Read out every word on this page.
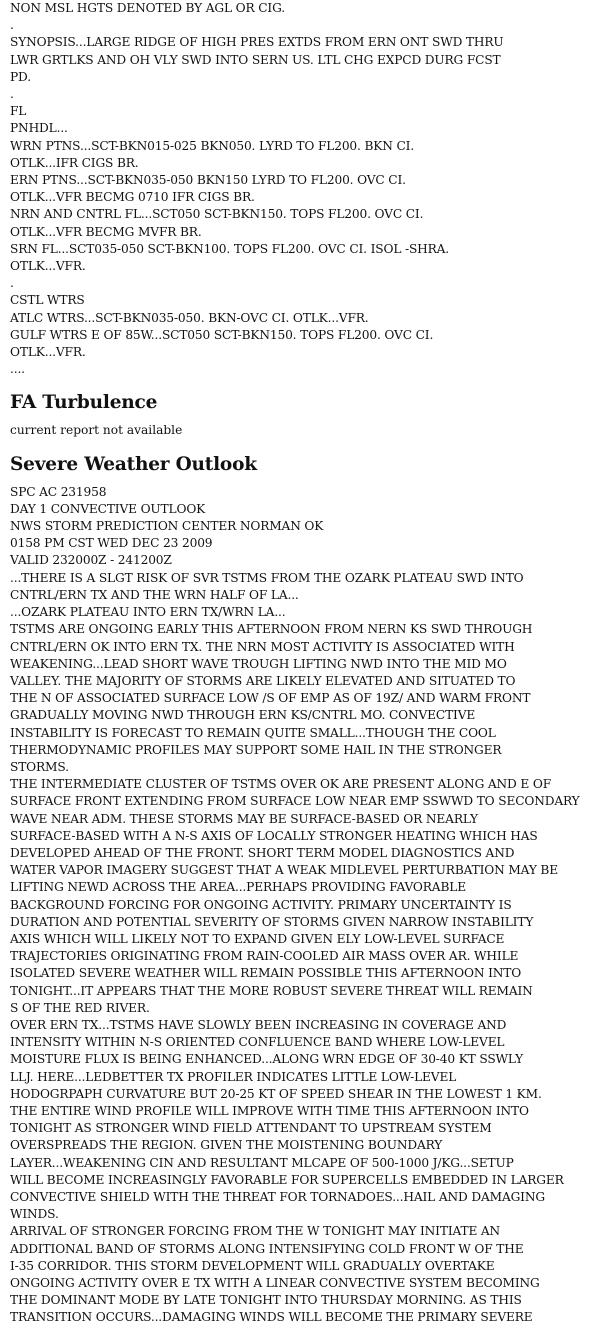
NON MSL HGTS DENOTED BY AGL OR CIG.
.
SYNOPSIS...LARGE RIDGE OF HIGH PRES EXTDS FROM ERN ONT SWD THRU
LWR GRTLKS AND OH VLY SWD INTO SERN US. LTL CHG EXPCD DURG FCST
PD.
.
FL
PNHDL...
WRN PTNS...SCT-BKN015-025 BKN050. LYRD TO FL200. BKN CI.
OTLK...IFR CIGS BR.
ERN PTNS...SCT-BKN035-050 BKN150 LYRD TO FL200. OVC CI.
OTLK...VFR BECMG 0710 IFR CIGS BR.
NRN AND CNTRL FL...SCT050 SCT-BKN150. TOPS FL200. OVC CI.
OTLK...VFR BECMG MVFR BR.
SRN FL...SCT035-050 SCT-BKN100. TOPS FL200. OVC CI. ISOL -SHRA.
OTLK...VFR.
.
CSTL WTRS
ATLC WTRS...SCT-BKN035-050. BKN-OVC CI. OTLK...VFR.
GULF WTRS E OF 85W...SCT050 SCT-BKN150. TOPS FL200. OVC CI.
OTLK...VFR.
....
FA Turbulence
current report not available
Severe Weather Outlook
SPC AC 231958
DAY 1 CONVECTIVE OUTLOOK
NWS STORM PREDICTION CENTER NORMAN OK
0158 PM CST WED DEC 23 2009
VALID 232000Z - 241200Z
...THERE IS A SLGT RISK OF SVR TSTMS FROM THE OZARK PLATEAU SWD INTO
CNTRL/ERN TX AND THE WRN HALF OF LA...
...OZARK PLATEAU INTO ERN TX/WRN LA...
TSTMS ARE ONGOING EARLY THIS AFTERNOON FROM NERN KS SWD THROUGH
CNTRL/ERN OK INTO ERN TX. THE NRN MOST ACTIVITY IS ASSOCIATED WITH
WEAKENING...LEAD SHORT WAVE TROUGH LIFTING NWD INTO THE MID MO
VALLEY. THE MAJORITY OF STORMS ARE LIKELY ELEVATED AND SITUATED TO
THE N OF ASSOCIATED SURFACE LOW /S OF EMP AS OF 19Z/ AND WARM FRONT
GRADUALLY MOVING NWD THROUGH ERN KS/CNTRL MO. CONVECTIVE
INSTABILITY IS FORECAST TO REMAIN QUITE SMALL...THOUGH THE COOL
THERMODYNAMIC PROFILES MAY SUPPORT SOME HAIL IN THE STRONGER
STORMS.
THE INTERMEDIATE CLUSTER OF TSTMS OVER OK ARE PRESENT ALONG AND E OF
SURFACE FRONT EXTENDING FROM SURFACE LOW NEAR EMP SSWWD TO SECONDARY
WAVE NEAR ADM. THESE STORMS MAY BE SURFACE-BASED OR NEARLY
SURFACE-BASED WITH A N-S AXIS OF LOCALLY STRONGER HEATING WHICH HAS
DEVELOPED AHEAD OF THE FRONT. SHORT TERM MODEL DIAGNOSTICS AND
WATER VAPOR IMAGERY SUGGEST THAT A WEAK MIDLEVEL PERTURBATION MAY BE
LIFTING NEWD ACROSS THE AREA...PERHAPS PROVIDING FAVORABLE
BACKGROUND FORCING FOR ONGOING ACTIVITY. PRIMARY UNCERTAINTY IS
DURATION AND POTENTIAL SEVERITY OF STORMS GIVEN NARROW INSTABILITY
AXIS WHICH WILL LIKELY NOT TO EXPAND GIVEN ELY LOW-LEVEL SURFACE
TRAJECTORIES ORIGINATING FROM RAIN-COOLED AIR MASS OVER AR. WHILE
ISOLATED SEVERE WEATHER WILL REMAIN POSSIBLE THIS AFTERNOON INTO
TONIGHT...IT APPEARS THAT THE MORE ROBUST SEVERE THREAT WILL REMAIN
S OF THE RED RIVER.
OVER ERN TX...TSTMS HAVE SLOWLY BEEN INCREASING IN COVERAGE AND
INTENSITY WITHIN N-S ORIENTED CONFLUENCE BAND WHERE LOW-LEVEL
MOISTURE FLUX IS BEING ENHANCED...ALONG WRN EDGE OF 30-40 KT SSWLY
LLJ. HERE...LEDBETTER TX PROFILER INDICATES LITTLE LOW-LEVEL
HODOGRPAPH CURVATURE BUT 20-25 KT OF SPEED SHEAR IN THE LOWEST 1 KM.
THE ENTIRE WIND PROFILE WILL IMPROVE WITH TIME THIS AFTERNOON INTO
TONIGHT AS STRONGER WIND FIELD ATTENDANT TO UPSTREAM SYSTEM
OVERSPREADS THE REGION. GIVEN THE MOISTENING BOUNDARY
LAYER...WEAKENING CIN AND RESULTANT MLCAPE OF 500-1000 J/KG...SETUP
WILL BECOME INCREASINGLY FAVORABLE FOR SUPERCELLS EMBEDDED IN LARGER
CONVECTIVE SHIELD WITH THE THREAT FOR TORNADOES...HAIL AND DAMAGING
WINDS.
ARRIVAL OF STRONGER FORCING FROM THE W TONIGHT MAY INITIATE AN
ADDITIONAL BAND OF STORMS ALONG INTENSIFYING COLD FRONT W OF THE
I-35 CORRIDOR. THIS STORM DEVELOPMENT WILL GRADUALLY OVERTAKE
ONGOING ACTIVITY OVER E TX WITH A LINEAR CONVECTIVE SYSTEM BECOMING
THE DOMINANT MODE BY LATE TONIGHT INTO THURSDAY MORNING. AS THIS
TRANSITION OCCURS...DAMAGING WINDS WILL BECOME THE PRIMARY SEVERE
